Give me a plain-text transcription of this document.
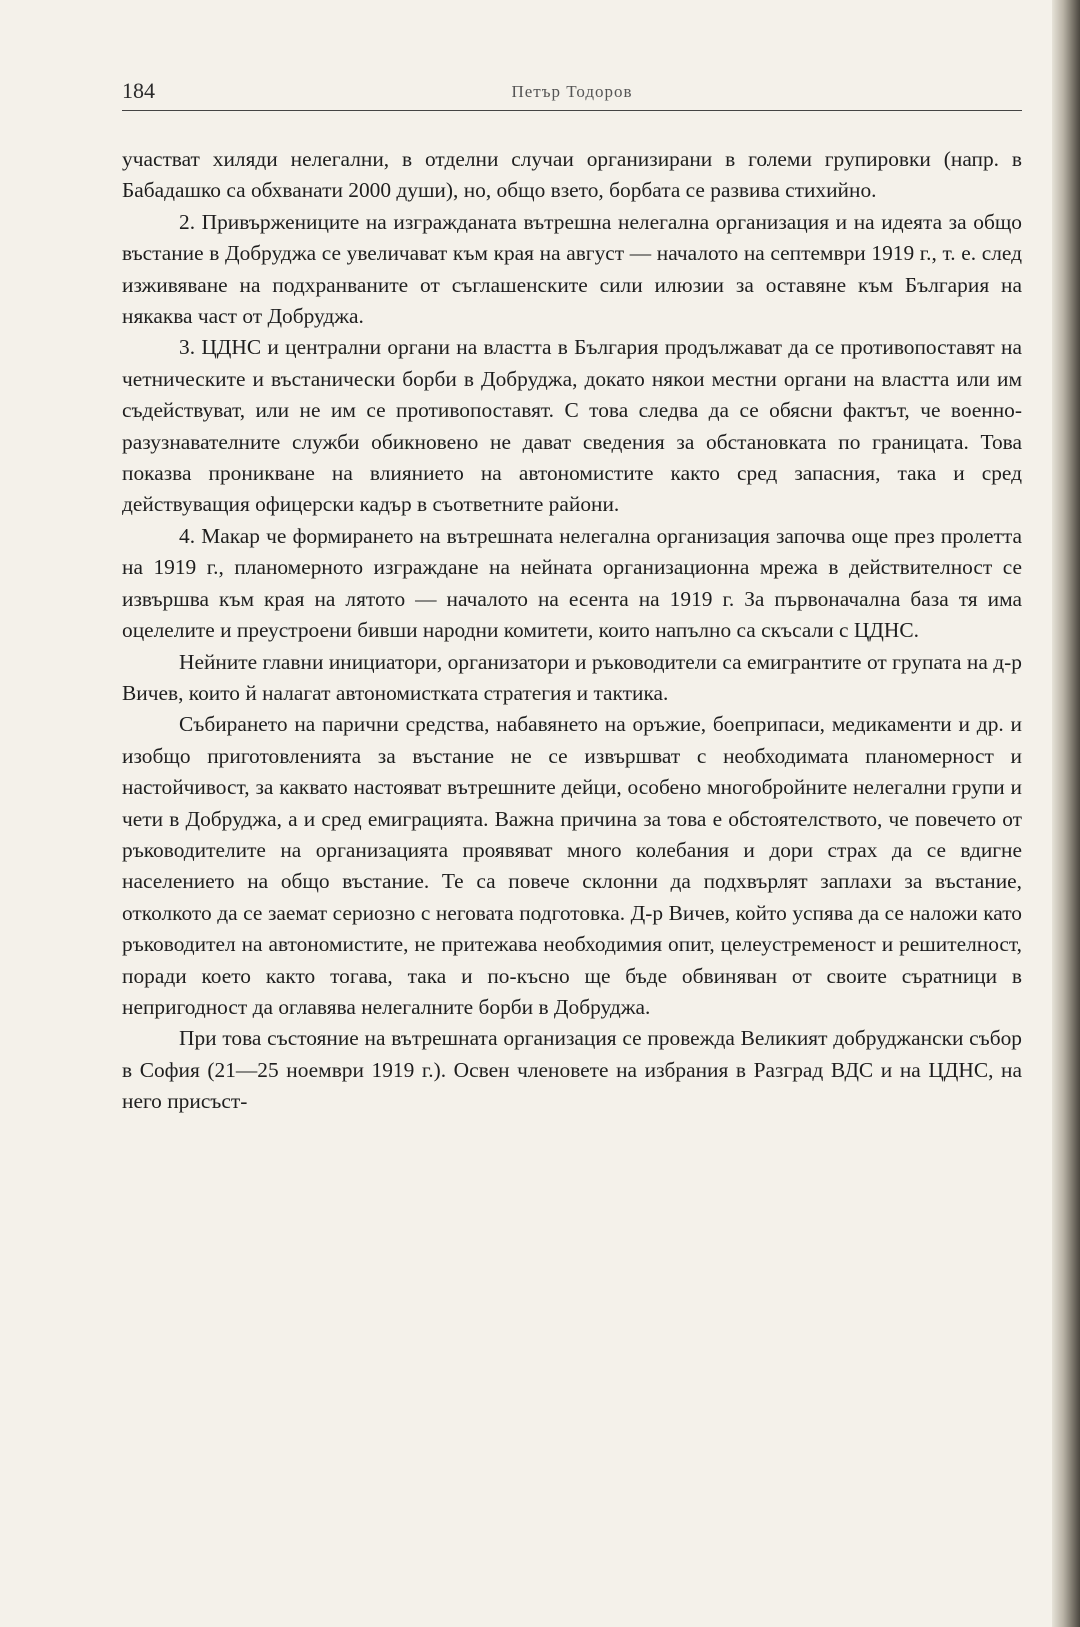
184	Петър Тодоров

участват хиляди нелегални, в отделни случаи организирани в големи групировки (напр. в Бабадашко са обхванати 2000 души), но, общо взето, борбата се развива стихийно.

2. Привържениците на изгражданата вътрешна нелегална организация и на идеята за общо въстание в Добруджа се увеличават към края на август — началото на септември 1919 г., т. е. след изживяване на подхранваните от съглашенските сили илюзии за оставяне към България на някаква част от Добруджа.

3. ЦДНС и централни органи на властта в България продължават да се противопоставят на четническите и въстанически борби в Добруджа, докато някои местни органи на властта или им съдействуват, или не им се противопоставят. С това следва да се обясни фактът, че военно-разузнавателните служби обикновено не дават сведения за обстановката по границата. Това показва проникване на влиянието на автономистите както сред запасния, така и сред действуващия офицерски кадър в съответните райони.

4. Макар че формирането на вътрешната нелегална организация започва още през пролетта на 1919 г., планомерното изграждане на нейната организационна мрежа в действителност се извършва към края на лятото — началото на есента на 1919 г. За първоначална база тя има оцелелите и преустроени бивши народни комитети, които напълно са скъсали с ЦДНС.

Нейните главни инициатори, организатори и ръководители са емигрантите от групата на д-р Вичев, които й налагат автономистката стратегия и тактика.

Събирането на парични средства, набавянето на оръжие, боеприпаси, медикаменти и др. и изобщо приготовленията за въстание не се извършват с необходимата планомерност и настойчивост, за каквато настояват вътрешните дейци, особено многобройните нелегални групи и чети в Добруджа, а и сред емиграцията. Важна причина за това е обстоятелството, че повечето от ръководителите на организацията проявяват много колебания и дори страх да се вдигне населението на общо въстание. Те са повече склонни да подхвърлят заплахи за въстание, отколкото да се заемат сериозно с неговата подготовка. Д-р Вичев, който успява да се наложи като ръководител на автономистите, не притежава необходимия опит, целеустременост и решителност, поради което както тогава, така и по-късно ще бъде обвиняван от своите съратници в непригодност да оглавява нелегалните борби в Добруджа.

При това състояние на вътрешната организация се провежда Великият добруджански събор в София (21—25 ноември 1919 г.). Освен членовете на избрания в Разград ВДС и на ЦДНС, на него присъст-
